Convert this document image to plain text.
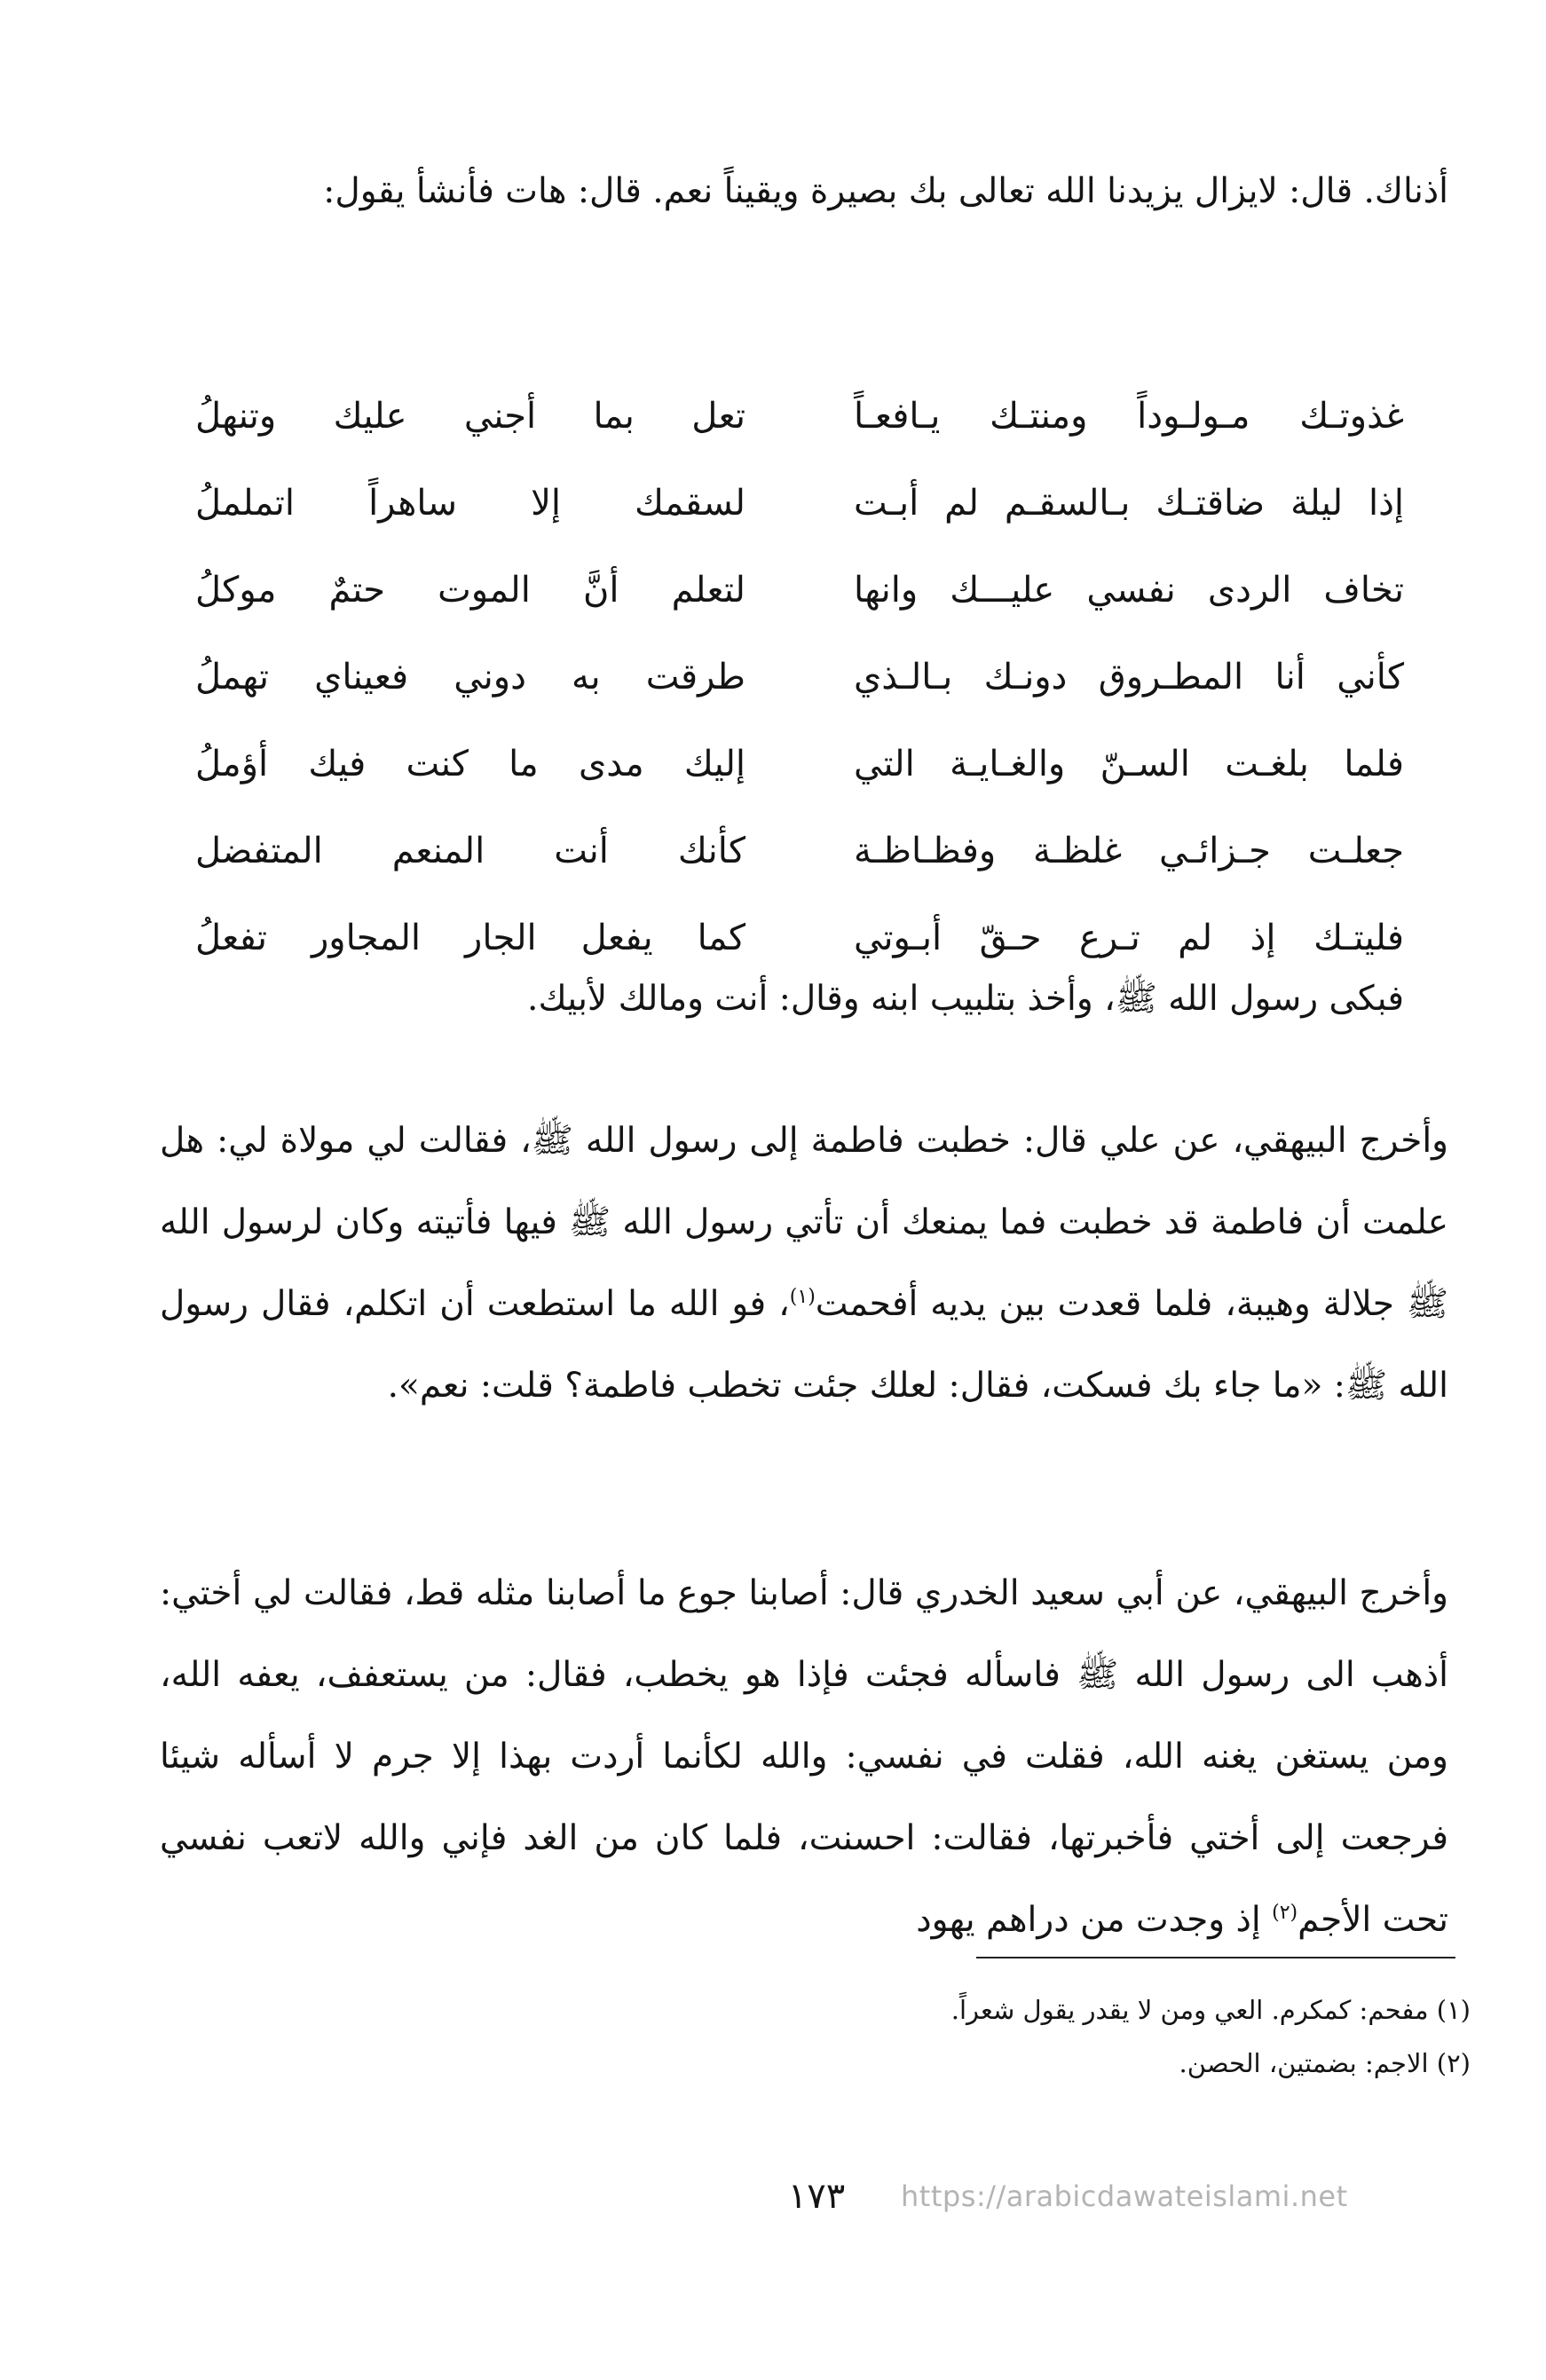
أذناك. قال: لايزال يزيدنا الله تعالى بك بصيرة ويقيناً نعم. قال: هات فأنشأ يقول:

غذوتـك مـولـوداً ومنتـك يـافعـاً
تعل بما أجني عليك وتنهلُ
إذا ليلة ضاقتـك بـالسقـم لم أبـت
لسقمك إلا ساهراً اتململُ
تخاف الردى نفسي عليـــك وانها
لتعلم أنَّ الموت حتمٌ موكلُ
كأني أنا المطـروق دونـك بـالـذي
طرقت به دوني فعيناي تهملُ
فلما بلغـت السـنّ والغـايـة التي
إليك مدى ما كنت فيك أؤملُ
جعلـت جـزائـي غلظـة وفظـاظـة
كأنك أنت المنعم المتفضل
فليتـك إذ لم تـرع حـقّ أبـوتي
كما يفعل الجار المجاور تفعلُ

فبكى رسول الله ﷺ، وأخذ بتلبيب ابنه وقال: أنت ومالك لأبيك.

وأخرج البيهقي، عن علي قال: خطبت فاطمة إلى رسول الله ﷺ، فقالت لي مولاة لي: هل علمت أن فاطمة قد خطبت فما يمنعك أن تأتي رسول الله ﷺ فيها فأتيته وكان لرسول الله ﷺ جلالة وهيبة، فلما قعدت بين يديه أفحمت$^{(١)}$، فو الله ما استطعت أن اتكلم، فقال رسول الله ﷺ: «ما جاء بك فسكت، فقال: لعلك جئت تخطب فاطمة؟ قلت: نعم».

وأخرج البيهقي، عن أبي سعيد الخدري قال: أصابنا جوع ما أصابنا مثله قط، فقالت لي أختي: أذهب الى رسول الله ﷺ فاسأله فجئت فإذا هو يخطب، فقال: من يستعفف، يعفه الله، ومن يستغن يغنه الله، فقلت في نفسي: والله لكأنما أردت بهذا إلا جرم لا أسأله شيئا فرجعت إلى أختي فأخبرتها، فقالت: احسنت، فلما كان من الغد فإني والله لاتعب نفسي تحت الأجم$^{(٢)}$ إذ وجدت من دراهم يهود

(١) مفحم: كمكرم. العي ومن لا يقدر يقول شعراً.
(٢) الاجم: بضمتين، الحصن.
١٧٣	https://arabicdawateislami.net
